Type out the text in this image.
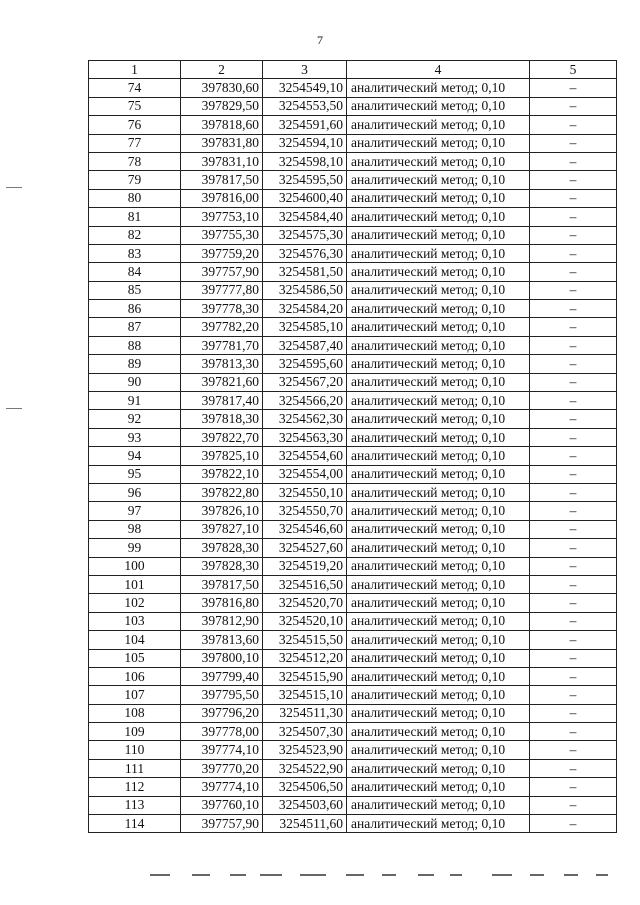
7
1	2	3	4	5
74	397830,60	3254549,10	аналитический метод; 0,10	–
75	397829,50	3254553,50	аналитический метод; 0,10	–
76	397818,60	3254591,60	аналитический метод; 0,10	–
77	397831,80	3254594,10	аналитический метод; 0,10	–
78	397831,10	3254598,10	аналитический метод; 0,10	–
79	397817,50	3254595,50	аналитический метод; 0,10	–
80	397816,00	3254600,40	аналитический метод; 0,10	–
81	397753,10	3254584,40	аналитический метод; 0,10	–
82	397755,30	3254575,30	аналитический метод; 0,10	–
83	397759,20	3254576,30	аналитический метод; 0,10	–
84	397757,90	3254581,50	аналитический метод; 0,10	–
85	397777,80	3254586,50	аналитический метод; 0,10	–
86	397778,30	3254584,20	аналитический метод; 0,10	–
87	397782,20	3254585,10	аналитический метод; 0,10	–
88	397781,70	3254587,40	аналитический метод; 0,10	–
89	397813,30	3254595,60	аналитический метод; 0,10	–
90	397821,60	3254567,20	аналитический метод; 0,10	–
91	397817,40	3254566,20	аналитический метод; 0,10	–
92	397818,30	3254562,30	аналитический метод; 0,10	–
93	397822,70	3254563,30	аналитический метод; 0,10	–
94	397825,10	3254554,60	аналитический метод; 0,10	–
95	397822,10	3254554,00	аналитический метод; 0,10	–
96	397822,80	3254550,10	аналитический метод; 0,10	–
97	397826,10	3254550,70	аналитический метод; 0,10	–
98	397827,10	3254546,60	аналитический метод; 0,10	–
99	397828,30	3254527,60	аналитический метод; 0,10	–
100	397828,30	3254519,20	аналитический метод; 0,10	–
101	397817,50	3254516,50	аналитический метод; 0,10	–
102	397816,80	3254520,70	аналитический метод; 0,10	–
103	397812,90	3254520,10	аналитический метод; 0,10	–
104	397813,60	3254515,50	аналитический метод; 0,10	–
105	397800,10	3254512,20	аналитический метод; 0,10	–
106	397799,40	3254515,90	аналитический метод; 0,10	–
107	397795,50	3254515,10	аналитический метод; 0,10	–
108	397796,20	3254511,30	аналитический метод; 0,10	–
109	397778,00	3254507,30	аналитический метод; 0,10	–
110	397774,10	3254523,90	аналитический метод; 0,10	–
111	397770,20	3254522,90	аналитический метод; 0,10	–
112	397774,10	3254506,50	аналитический метод; 0,10	–
113	397760,10	3254503,60	аналитический метод; 0,10	–
114	397757,90	3254511,60	аналитический метод; 0,10	–
